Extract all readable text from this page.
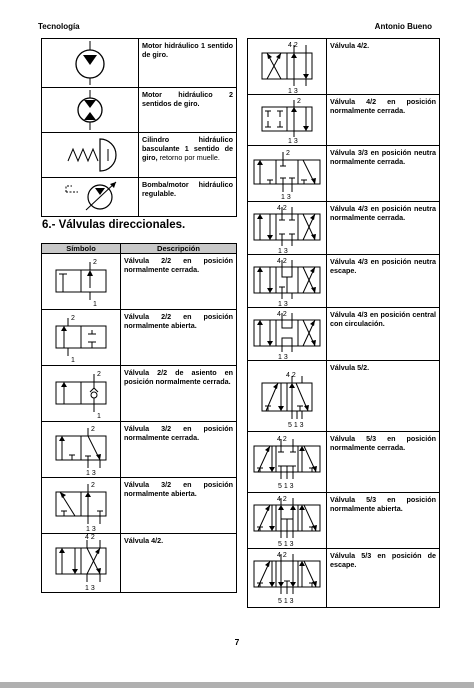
Tecnología	Antonio Bueno
	Motor hidráulico 1 sentido de giro.

	Motor hidráulico 2 sentidos de giro.

	Cilindro hidráulico basculante 1 sentido de giro, retorno por muelle.

	Bomba/motor hidráulico regulable.
6.- Válvulas direccionales.
Símbolo	Descripción

2
1	Válvula 2/2 en posición normalmente cerrada.

2
1	Válvula 2/2 en posición normalmente abierta.

2
1	Válvula 2/2 de asiento en posición normalmente cerrada.

2
1 3	Válvula 3/2 en posición normalmente cerrada.

2
1 3	Válvula 3/2 en posición normalmente abierta.

4 2
1 3	Válvula 4/2.
4 2
1 3	Válvula 4/2.

2
1 3	Válvula 4/2 en posición normalmente cerrada.

2
1 3	Válvula 3/3 en posición neutra normalmente cerrada.

4 2
1 3	Válvula 4/3 en posición neutra normalmente cerrada.

4 2
1 3	Válvula 4/3 en posición neutra escape.

4 2
1 3	Válvula 4/3 en posición central con circulación.

4 2
5 1 3	Válvula 5/2.

4 2
5 1 3	Válvula 5/3 en posición normalmente cerrada.

4 2
5 1 3	Válvula 5/3 en posición normalmente abierta.

4 2
5 1 3	Válvula 5/3 en posición de escape.
7
